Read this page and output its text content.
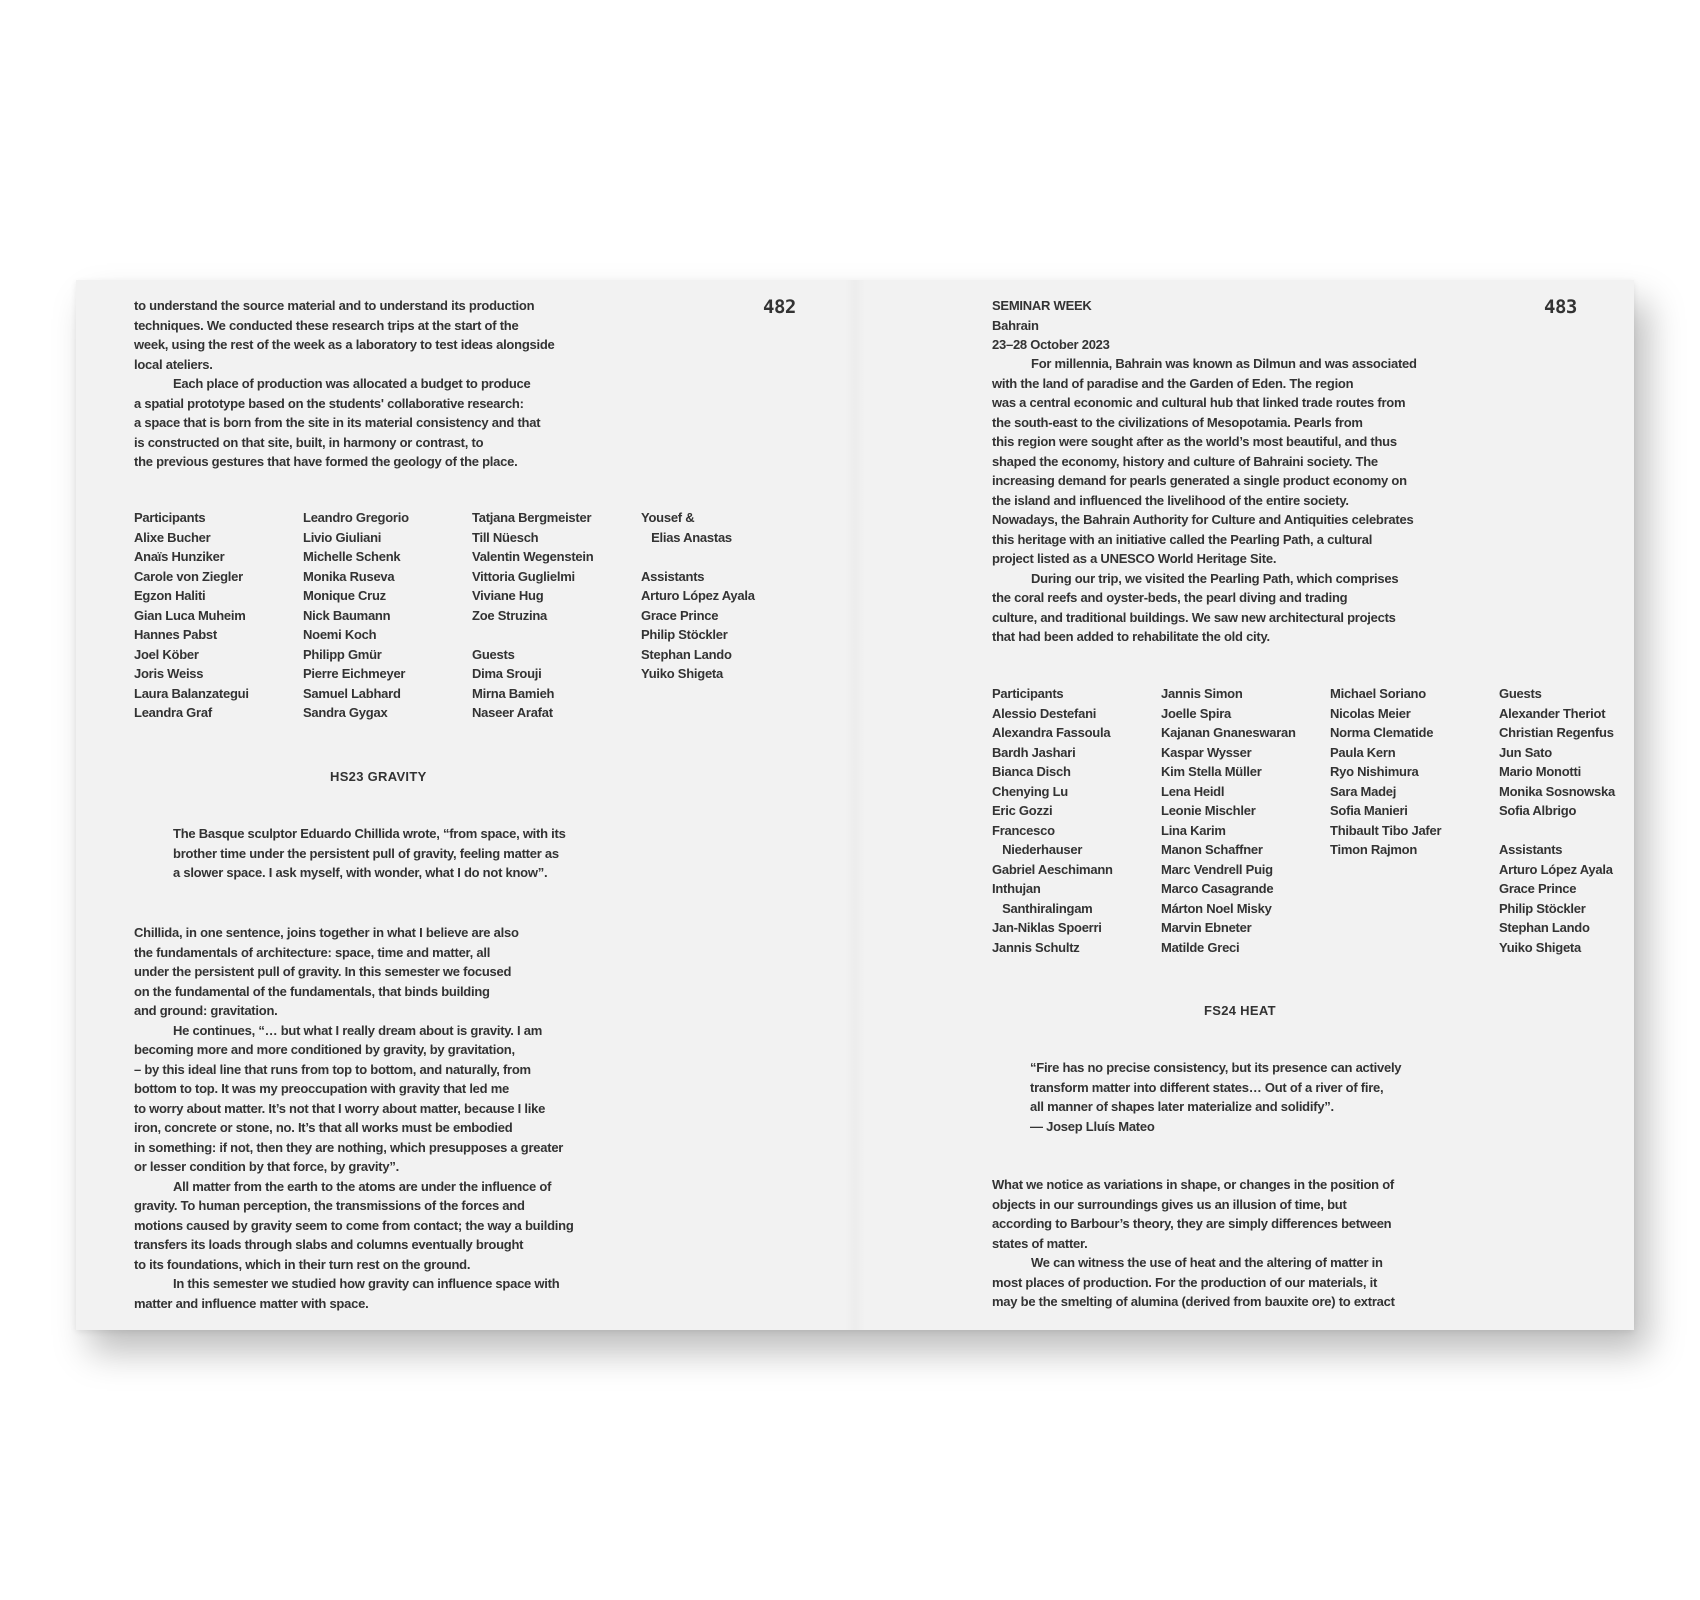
482

to understand the source material and to understand its production
techniques. We conducted these research trips at the start of the
week, using the rest of the week as a laboratory to test ideas alongside
local ateliers.

Each place of production was allocated a budget to produce
a spatial prototype based on the students' collaborative research:
a space that is born from the site in its material consistency and that
is constructed on that site, built, in harmony or contrast, to
the previous gestures that have formed the geology of the place.

Participants

Alixe Bucher
Anaïs Hunziker
Carole von Ziegler
Egzon Haliti
Gian Luca Muheim
Hannes Pabst
Joel Köber
Joris Weiss
Laura Balanzategui
Leandra Graf
Leandro Gregorio
Livio Giuliani
Michelle Schenk
Monika Ruseva
Monique Cruz
Nick Baumann
Noemi Koch
Philipp Gmür
Pierre Eichmeyer
Samuel Labhard
Sandra Gygax
Tatjana Bergmeister
Till Nüesch
Valentin Wegenstein
Vittoria Guglielmi
Viviane Hug
Zoe Struzina

Guests

Dima Srouji
Mirna Bamieh
Naseer Arafat
Yousef &
Elias Anastas

Assistants

Arturo López Ayala
Grace Prince
Philip Stöckler
Stephan Lando
Yuiko Shigeta

HS23 GRAVITY

The Basque sculptor Eduardo Chillida wrote, “from space, with its
brother time under the persistent pull of gravity, feeling matter as
a slower space. I ask myself, with wonder, what I do not know”.

Chillida, in one sentence, joins together in what I believe are also
the fundamentals of architecture: space, time and matter, all
under the persistent pull of gravity. In this semester we focused
on the fundamental of the fundamentals, that binds building
and ground: gravitation.

He continues, “… but what I really dream about is gravity. I am
becoming more and more conditioned by gravity, by gravitation,
– by this ideal line that runs from top to bottom, and naturally, from
bottom to top. It was my preoccupation with gravity that led me
to worry about matter. It’s not that I worry about matter, because I like
iron, concrete or stone, no. It’s that all works must be embodied
in something: if not, then they are nothing, which presupposes a greater
or lesser condition by that force, by gravity”.

All matter from the earth to the atoms are under the influence of
gravity. To human perception, the transmissions of the forces and
motions caused by gravity seem to come from contact; the way a building
transfers its loads through slabs and columns eventually brought
to its foundations, which in their turn rest on the ground.

In this semester we studied how gravity can influence space with
matter and influence matter with space.

483

SEMINAR WEEK
Bahrain
23–28 October 2023

For millennia, Bahrain was known as Dilmun and was associated
with the land of paradise and the Garden of Eden. The region
was a central economic and cultural hub that linked trade routes from
the south-east to the civilizations of Mesopotamia. Pearls from
this region were sought after as the world’s most beautiful, and thus
shaped the economy, history and culture of Bahraini society. The
increasing demand for pearls generated a single product economy on
the island and influenced the livelihood of the entire society.
Nowadays, the Bahrain Authority for Culture and Antiquities celebrates
this heritage with an initiative called the Pearling Path, a cultural
project listed as a UNESCO World Heritage Site.

During our trip, we visited the Pearling Path, which comprises
the coral reefs and oyster-beds, the pearl diving and trading
culture, and traditional buildings. We saw new architectural projects
that had been added to rehabilitate the old city.

Participants

Alessio Destefani
Alexandra Fassoula
Bardh Jashari
Bianca Disch
Chenying Lu
Eric Gozzi
Francesco
Niederhauser
Gabriel Aeschimann
Inthujan
Santhiralingam
Jan-Niklas Spoerri
Jannis Schultz
Jannis Simon
Joelle Spira
Kajanan Gnaneswaran
Kaspar Wysser
Kim Stella Müller
Lena Heidl
Leonie Mischler
Lina Karim
Manon Schaffner
Marc Vendrell Puig
Marco Casagrande
Márton Noel Misky
Marvin Ebneter
Matilde Greci
Michael Soriano
Nicolas Meier
Norma Clematide
Paula Kern
Ryo Nishimura
Sara Madej
Sofia Manieri
Thibault Tibo Jafer
Timon Rajmon

Guests

Alexander Theriot
Christian Regenfus
Jun Sato
Mario Monotti
Monika Sosnowska
Sofia Albrigo

Assistants

Arturo López Ayala
Grace Prince
Philip Stöckler
Stephan Lando
Yuiko Shigeta

FS24 HEAT

“Fire has no precise consistency, but its presence can actively
transform matter into different states… Out of a river of fire,
all manner of shapes later materialize and solidify”.
— Josep Lluís Mateo

What we notice as variations in shape, or changes in the position of
objects in our surroundings gives us an illusion of time, but
according to Barbour’s theory, they are simply differences between
states of matter.

We can witness the use of heat and the altering of matter in
most places of production. For the production of our materials, it
may be the smelting of alumina (derived from bauxite ore) to extract
